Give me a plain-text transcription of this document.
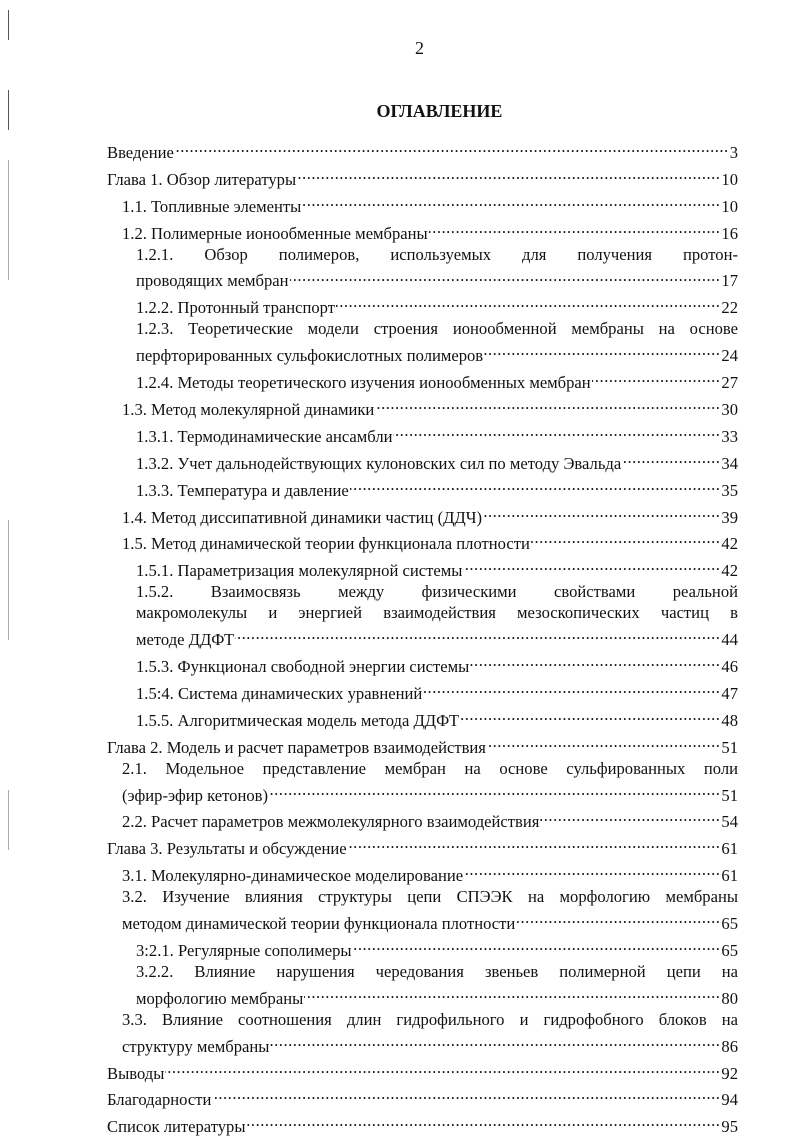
2
ОГЛАВЛЕНИЕ
Введение .....	3
Глава 1. Обзор литературы .....	10
1.1. Топливные элементы .....	10
1.2. Полимерные ионообменные мембраны .....	16
1.2.1. Обзор полимеров, используемых для получения протон-
проводящих мембран .....	17
1.2.2. Протонный транспорт .....	22
1.2.3. Теоретические модели строения ионообменной мембраны на основе
перфторированных сульфокислотных полимеров .....	24
1.2.4. Методы теоретического изучения ионообменных мембран .....	27
1.3. Метод молекулярной динамики .....	30
1.3.1. Термодинамические ансамбли .....	33
1.3.2. Учет дальнодействующих кулоновских сил по методу Эвальда .....	34
1.3.3. Температура и давление .....	35
1.4. Метод диссипативной динамики частиц (ДДЧ) .....	39
1.5. Метод динамической теории функционала плотности .....	42
1.5.1. Параметризация молекулярной системы .....	42
1.5.2. Взаимосвязь между физическими свойствами реальной
макромолекулы и энергией взаимодействия мезоскопических частиц в
методе ДДФТ .....	44
1.5.3. Функционал свободной энергии системы .....	46
1.5:4. Система динамических уравнений .....	47
1.5.5. Алгоритмическая модель метода ДДФТ .....	48
Глава 2. Модель и расчет параметров взаимодействия .....	51
2.1. Модельное представление мембран на основе сульфированных поли
(эфир-эфир кетонов) .....	51
2.2. Расчет параметров межмолекулярного взаимодействия .....	54
Глава 3. Результаты и обсуждение .....	61
3.1. Молекулярно-динамическое моделирование .....	61
3.2. Изучение влияния структуры цепи СПЭЭК на морфологию мембраны
методом динамической теории функционала плотности .....	65
3:2.1. Регулярные сополимеры .....	65
3.2.2. Влияние нарушения чередования звеньев полимерной цепи на
морфологию мембраны .....	80
3.3. Влияние соотношения длин гидрофильного и гидрофобного блоков на
структуру мембраны .....	86
Выводы .....	92
Благодарности .....	94
Список литературы .....	95
